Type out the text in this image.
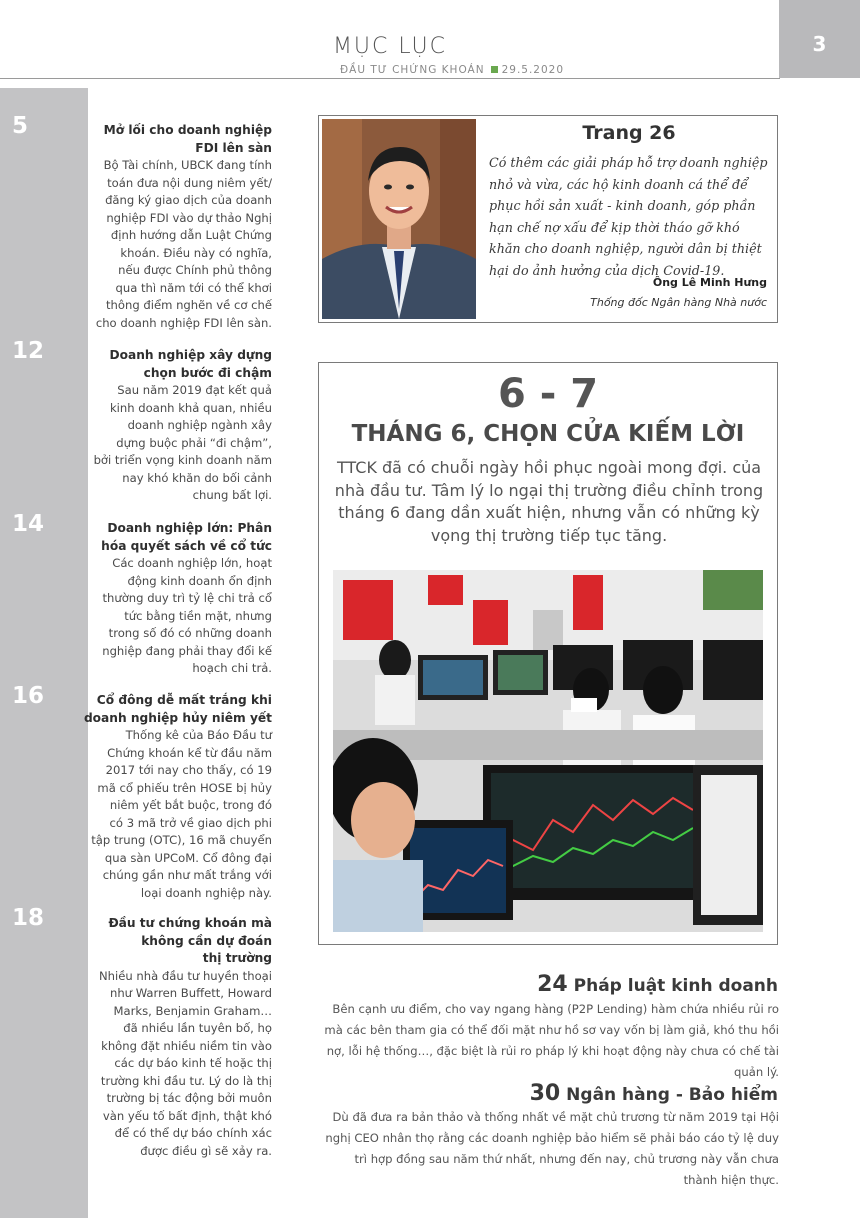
MỤC LỤC
ĐẦU TƯ CHỨNG KHOÁN 29.5.2020
3
5	Mở lối cho doanh nghiệp
FDI lên sàn
Bộ Tài chính, UBCK đang tính
toán đưa nội dung niêm yết/
đăng ký giao dịch của doanh
nghiệp FDI vào dự thảo Nghị
định hướng dẫn Luật Chứng
khoán. Điều này có nghĩa,
nếu được Chính phủ thông
qua thì năm tới có thể khơi
thông điểm nghẽn về cơ chế
cho doanh nghiệp FDI lên sàn.
12	Doanh nghiệp xây dựng
chọn bước đi chậm
Sau năm 2019 đạt kết quả
kinh doanh khả quan, nhiều
doanh nghiệp ngành xây
dựng buộc phải “đi chậm”,
bởi triển vọng kinh doanh năm
nay khó khăn do bối cảnh
chung bất lợi.
14	Doanh nghiệp lớn: Phân
hóa quyết sách về cổ tức
Các doanh nghiệp lớn, hoạt
động kinh doanh ổn định
thường duy trì tỷ lệ chi trả cổ
tức bằng tiền mặt, nhưng
trong số đó có những doanh
nghiệp đang phải thay đổi kế
hoạch chi trả.
16	Cổ đông dễ mất trắng khi
doanh nghiệp hủy niêm yết
Thống kê của Báo Đầu tư
Chứng khoán kể từ đầu năm
2017 tới nay cho thấy, có 19
mã cổ phiếu trên HOSE bị hủy
niêm yết bắt buộc, trong đó
có 3 mã trở về giao dịch phi
tập trung (OTC), 16 mã chuyển
qua sàn UPCoM. Cổ đông đại
chúng gần như mất trắng với
loại doanh nghiệp này.
18	Đầu tư chứng khoán mà
không cần dự đoán
thị trường
Nhiều nhà đầu tư huyền thoại
như Warren Buffett, Howard
Marks, Benjamin Graham…
đã nhiều lần tuyên bố, họ
không đặt nhiều niềm tin vào
các dự báo kinh tế hoặc thị
trường khi đầu tư. Lý do là thị
trường bị tác động bởi muôn
vàn yếu tố bất định, thật khó
để có thể dự báo chính xác
được điều gì sẽ xảy ra.
Trang 26
Có thêm các giải pháp hỗ trợ doanh nghiệp nhỏ và vừa, các hộ kinh doanh cá thể để phục hồi sản xuất - kinh doanh, góp phần hạn chế nợ xấu để kịp thời tháo gỡ khó khăn cho doanh nghiệp, người dân bị thiệt hại do ảnh hưởng của dịch Covid-19.
Ông Lê Minh Hưng
Thống đốc Ngân hàng Nhà nước
6 - 7
THÁNG 6, CHỌN CỬA KIẾM LỜI
TTCK đã có chuỗi ngày hồi phục ngoài mong đợi. của nhà đầu tư. Tâm lý lo ngại thị trường điều chỉnh trong tháng 6 đang dần xuất hiện, nhưng vẫn có những kỳ vọng thị trường tiếp tục tăng.
24 Pháp luật kinh doanh
Bên cạnh ưu điểm, cho vay ngang hàng (P2P Lending) hàm chứa nhiều rủi ro mà các bên tham gia có thể đối mặt như hồ sơ vay vốn bị làm giả, khó thu hồi nợ, lỗi hệ thống…, đặc biệt là rủi ro pháp lý khi hoạt động này chưa có chế tài quản lý.
30 Ngân hàng - Bảo hiểm
Dù đã đưa ra bản thảo và thống nhất về mặt chủ trương từ năm 2019 tại Hội nghị CEO nhân thọ rằng các doanh nghiệp bảo hiểm sẽ phải báo cáo tỷ lệ duy trì hợp đồng sau năm thứ nhất, nhưng đến nay, chủ trương này vẫn chưa thành hiện thực.
